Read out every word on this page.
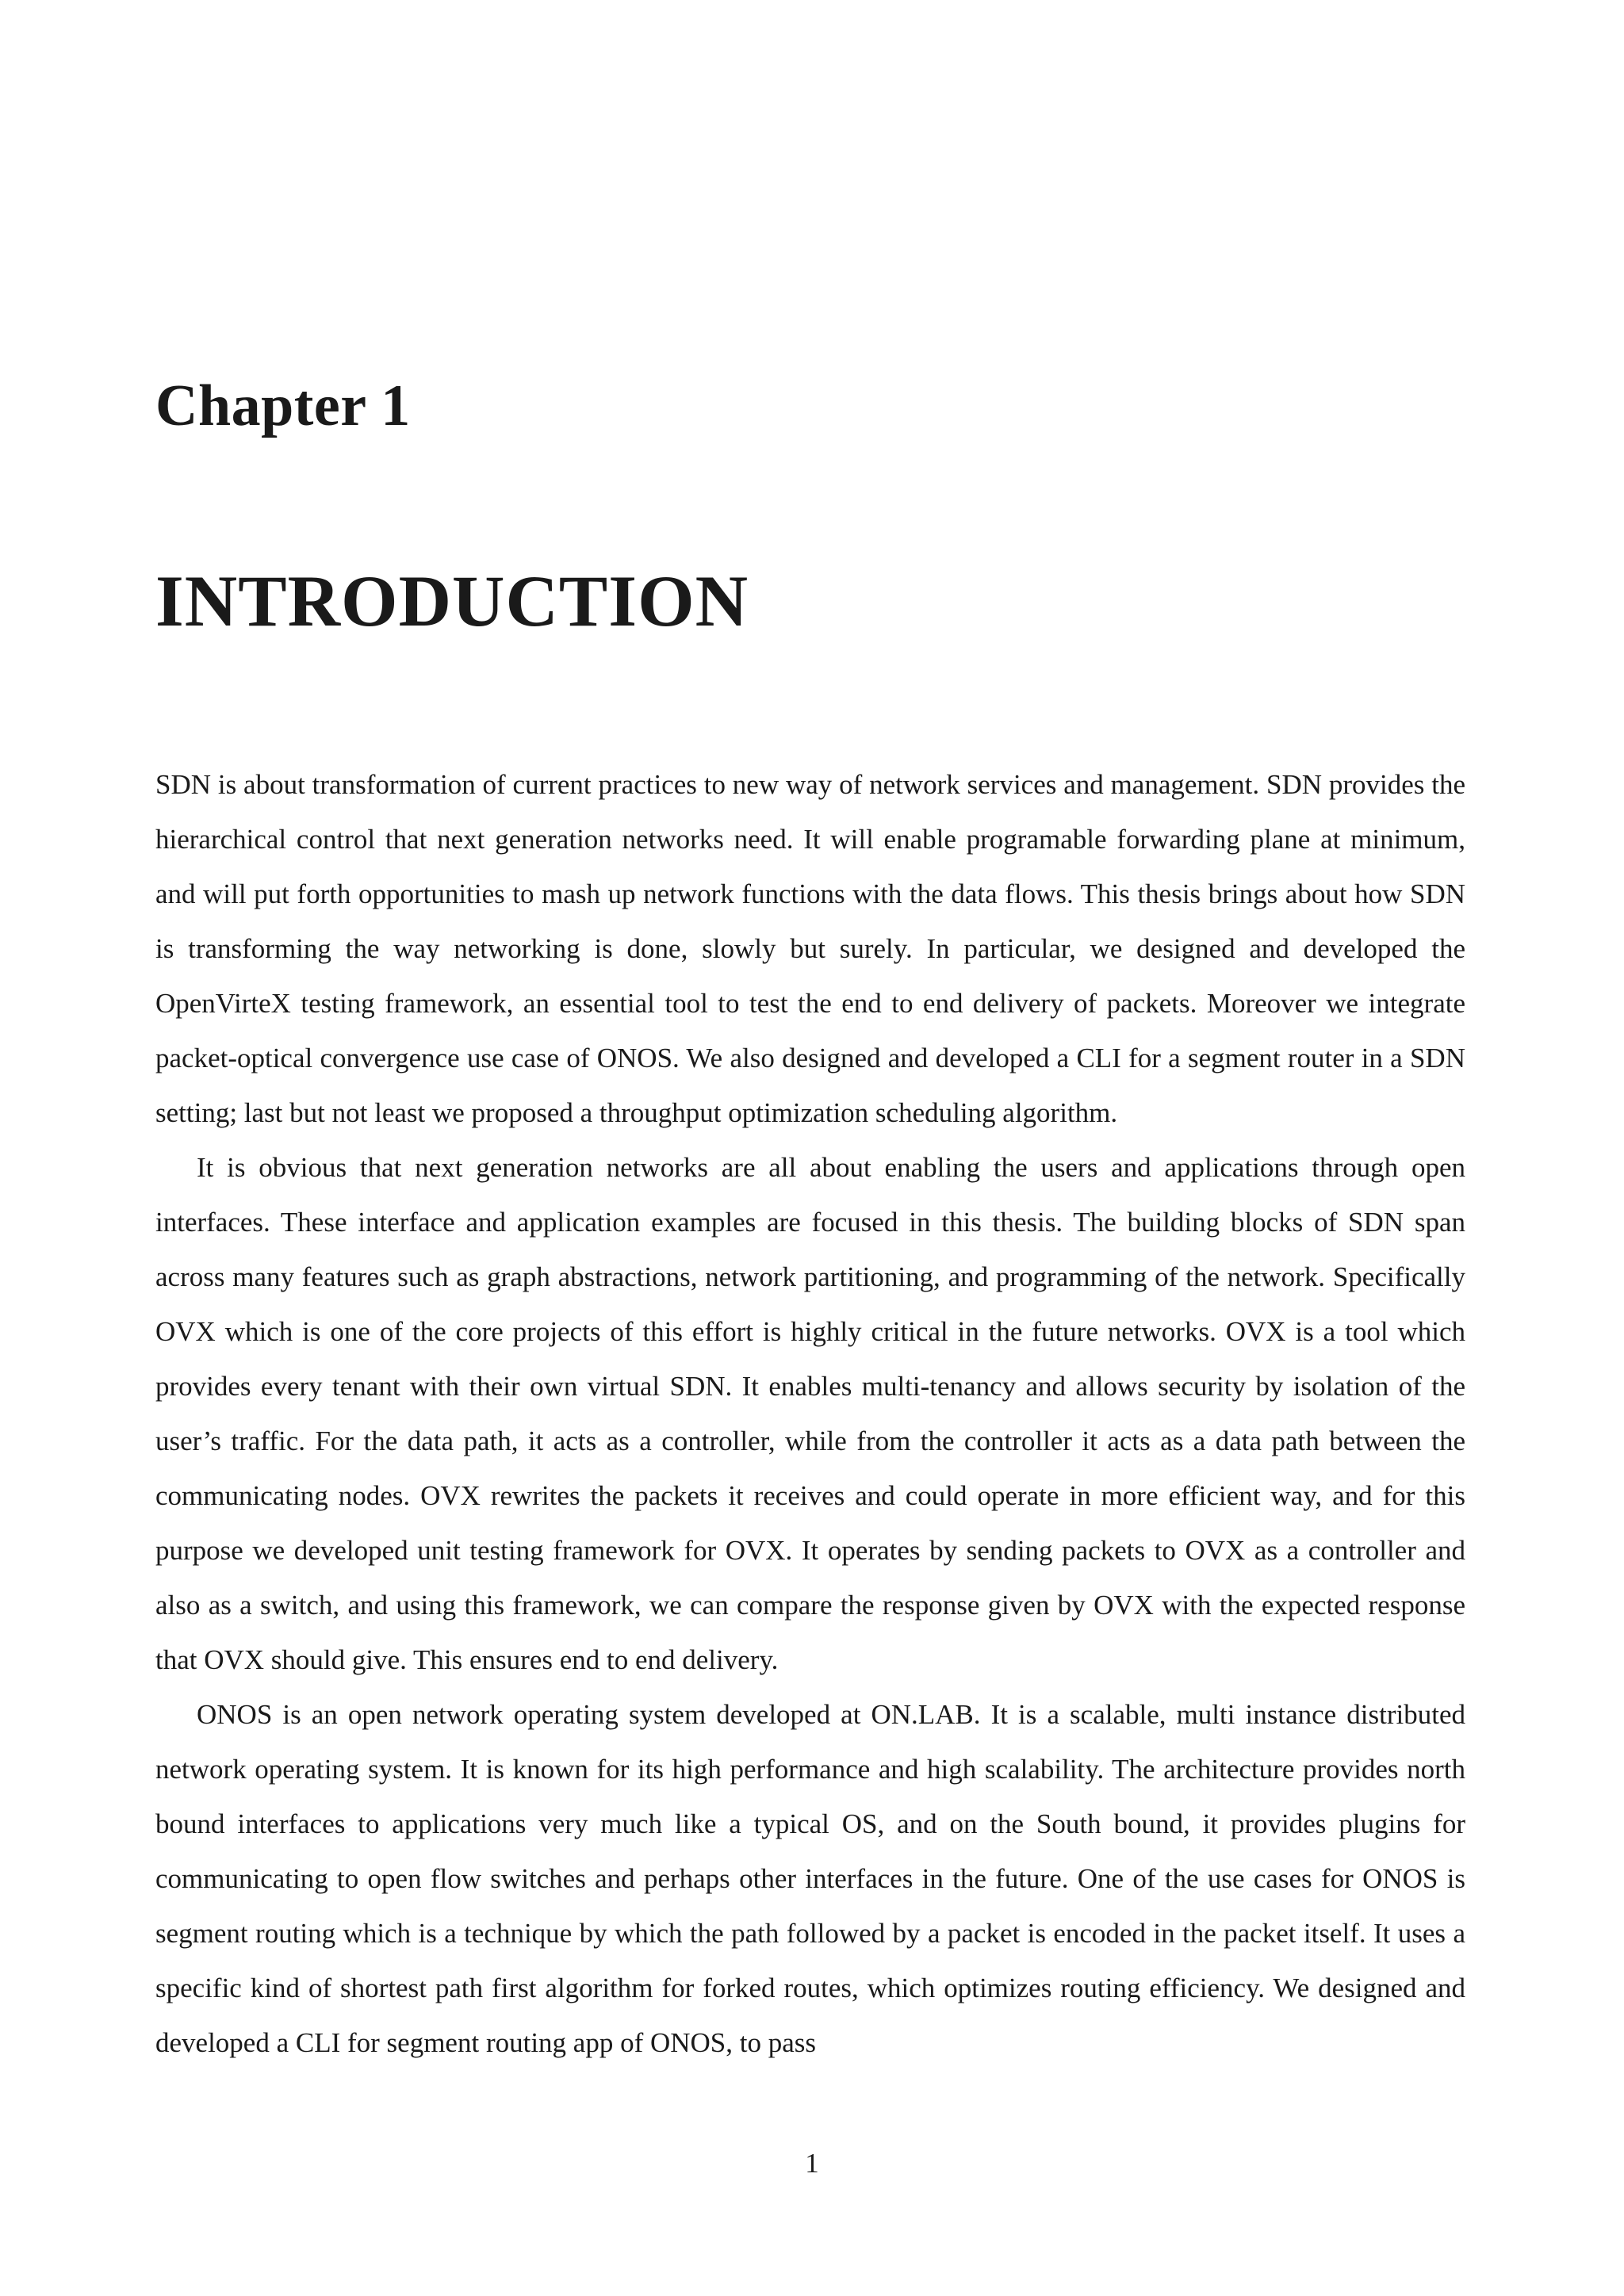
Chapter 1
INTRODUCTION

SDN is about transformation of current practices to new way of network services and management. SDN provides the hierarchical control that next generation networks need. It will enable programable forwarding plane at minimum, and will put forth opportunities to mash up network functions with the data flows. This thesis brings about how SDN is transforming the way networking is done, slowly but surely. In particular, we designed and developed the OpenVirteX testing framework, an essential tool to test the end to end delivery of packets. Moreover we integrate packet-optical convergence use case of ONOS. We also designed and developed a CLI for a segment router in a SDN setting; last but not least we proposed a throughput optimization scheduling algorithm.

It is obvious that next generation networks are all about enabling the users and applications through open interfaces. These interface and application examples are focused in this thesis. The building blocks of SDN span across many features such as graph abstractions, network partitioning, and programming of the network. Specifically OVX which is one of the core projects of this effort is highly critical in the future networks. OVX is a tool which provides every tenant with their own virtual SDN. It enables multi-tenancy and allows security by isolation of the user’s traffic. For the data path, it acts as a controller, while from the controller it acts as a data path between the communicating nodes. OVX rewrites the packets it receives and could operate in more efficient way, and for this purpose we developed unit testing framework for OVX. It operates by sending packets to OVX as a controller and also as a switch, and using this framework, we can compare the response given by OVX with the expected response that OVX should give. This ensures end to end delivery.

ONOS is an open network operating system developed at ON.LAB. It is a scalable, multi instance distributed network operating system. It is known for its high performance and high scalability. The architecture provides north bound interfaces to applications very much like a typical OS, and on the South bound, it provides plugins for communicating to open flow switches and perhaps other interfaces in the future. One of the use cases for ONOS is segment routing which is a technique by which the path followed by a packet is encoded in the packet itself. It uses a specific kind of shortest path first algorithm for forked routes, which optimizes routing efficiency. We designed and developed a CLI for segment routing app of ONOS, to pass

1
